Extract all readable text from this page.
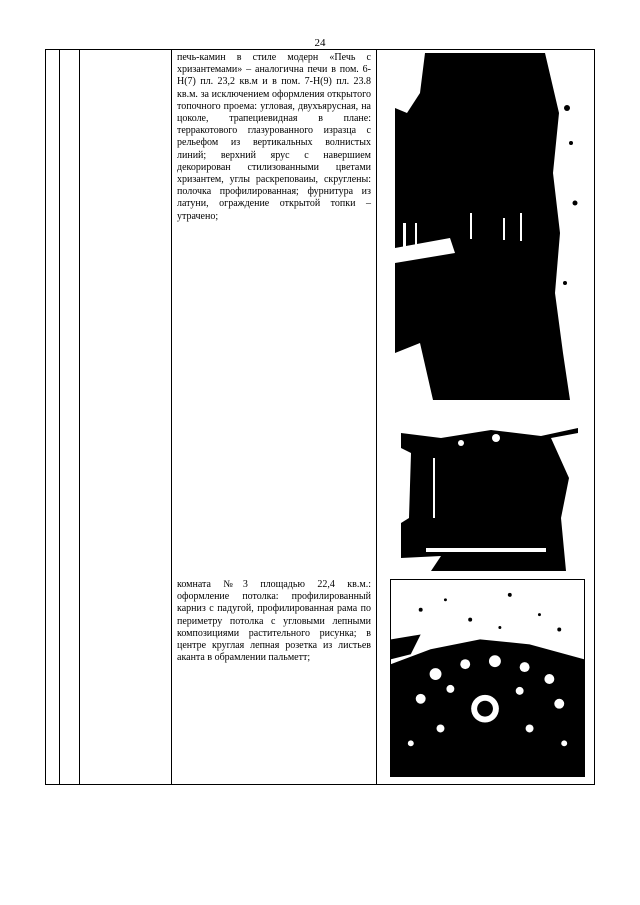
24

печь-камин в стиле модерн «Печь с хризантемами» – аналогична печи в пом. 6-Н(7) пл. 23,2 кв.м и в пом. 7-Н(9) пл. 23.8 кв.м. за исключением оформления открытого топочного проема: угловая, двухъярусная, на цоколе, трапециевидная в плане: терракотового глазурованного изразца с рельефом из вертикальных волнистых линий; верхний ярус с навершием декорирован стилизованными цветами хризантем, углы раскреповаиы, скруглены: полочка профилированная; фурнитура из латуни, ограждение открытой топки – утрачено;

комната №3 площадью 22,4 кв.м.: оформление потолка: профилированный карниз с падугой, профилированная рама по периметру потолка с угловыми лепными композициями растительного рисунка; в центре круглая лепная розетка из листьев аканта в обрамлении пальметт;
